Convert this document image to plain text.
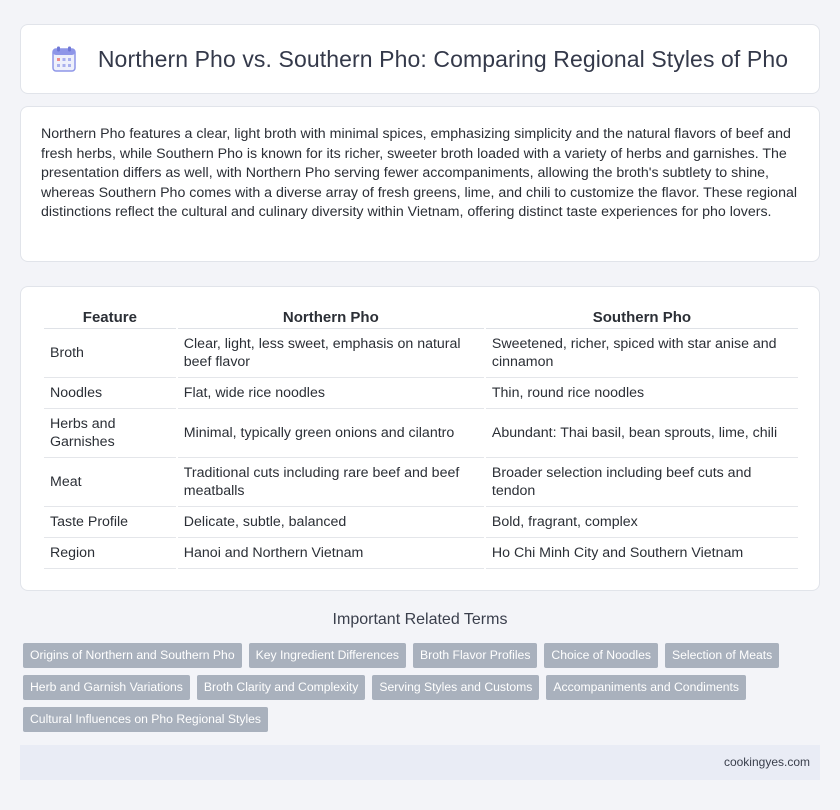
Northern Pho vs. Southern Pho: Comparing Regional Styles of Pho

Northern Pho features a clear, light broth with minimal spices, emphasizing simplicity and the natural flavors of beef and fresh herbs, while Southern Pho is known for its richer, sweeter broth loaded with a variety of herbs and garnishes. The presentation differs as well, with Northern Pho serving fewer accompaniments, allowing the broth's subtlety to shine, whereas Southern Pho comes with a diverse array of fresh greens, lime, and chili to customize the flavor. These regional distinctions reflect the cultural and culinary diversity within Vietnam, offering distinct taste experiences for pho lovers.

Feature	Northern Pho	Southern Pho
Broth	Clear, light, less sweet, emphasis on natural beef flavor	Sweetened, richer, spiced with star anise and cinnamon
Noodles	Flat, wide rice noodles	Thin, round rice noodles
Herbs and Garnishes	Minimal, typically green onions and cilantro	Abundant: Thai basil, bean sprouts, lime, chili
Meat	Traditional cuts including rare beef and beef meatballs	Broader selection including beef cuts and tendon
Taste Profile	Delicate, subtle, balanced	Bold, fragrant, complex
Region	Hanoi and Northern Vietnam	Ho Chi Minh City and Southern Vietnam
Important Related Terms
Origins of Northern and Southern Pho	Key Ingredient Differences	Broth Flavor Profiles	Choice of Noodles	Selection of Meats
Herb and Garnish Variations	Broth Clarity and Complexity	Serving Styles and Customs	Accompaniments and Condiments
Cultural Influences on Pho Regional Styles
cookingyes.com
